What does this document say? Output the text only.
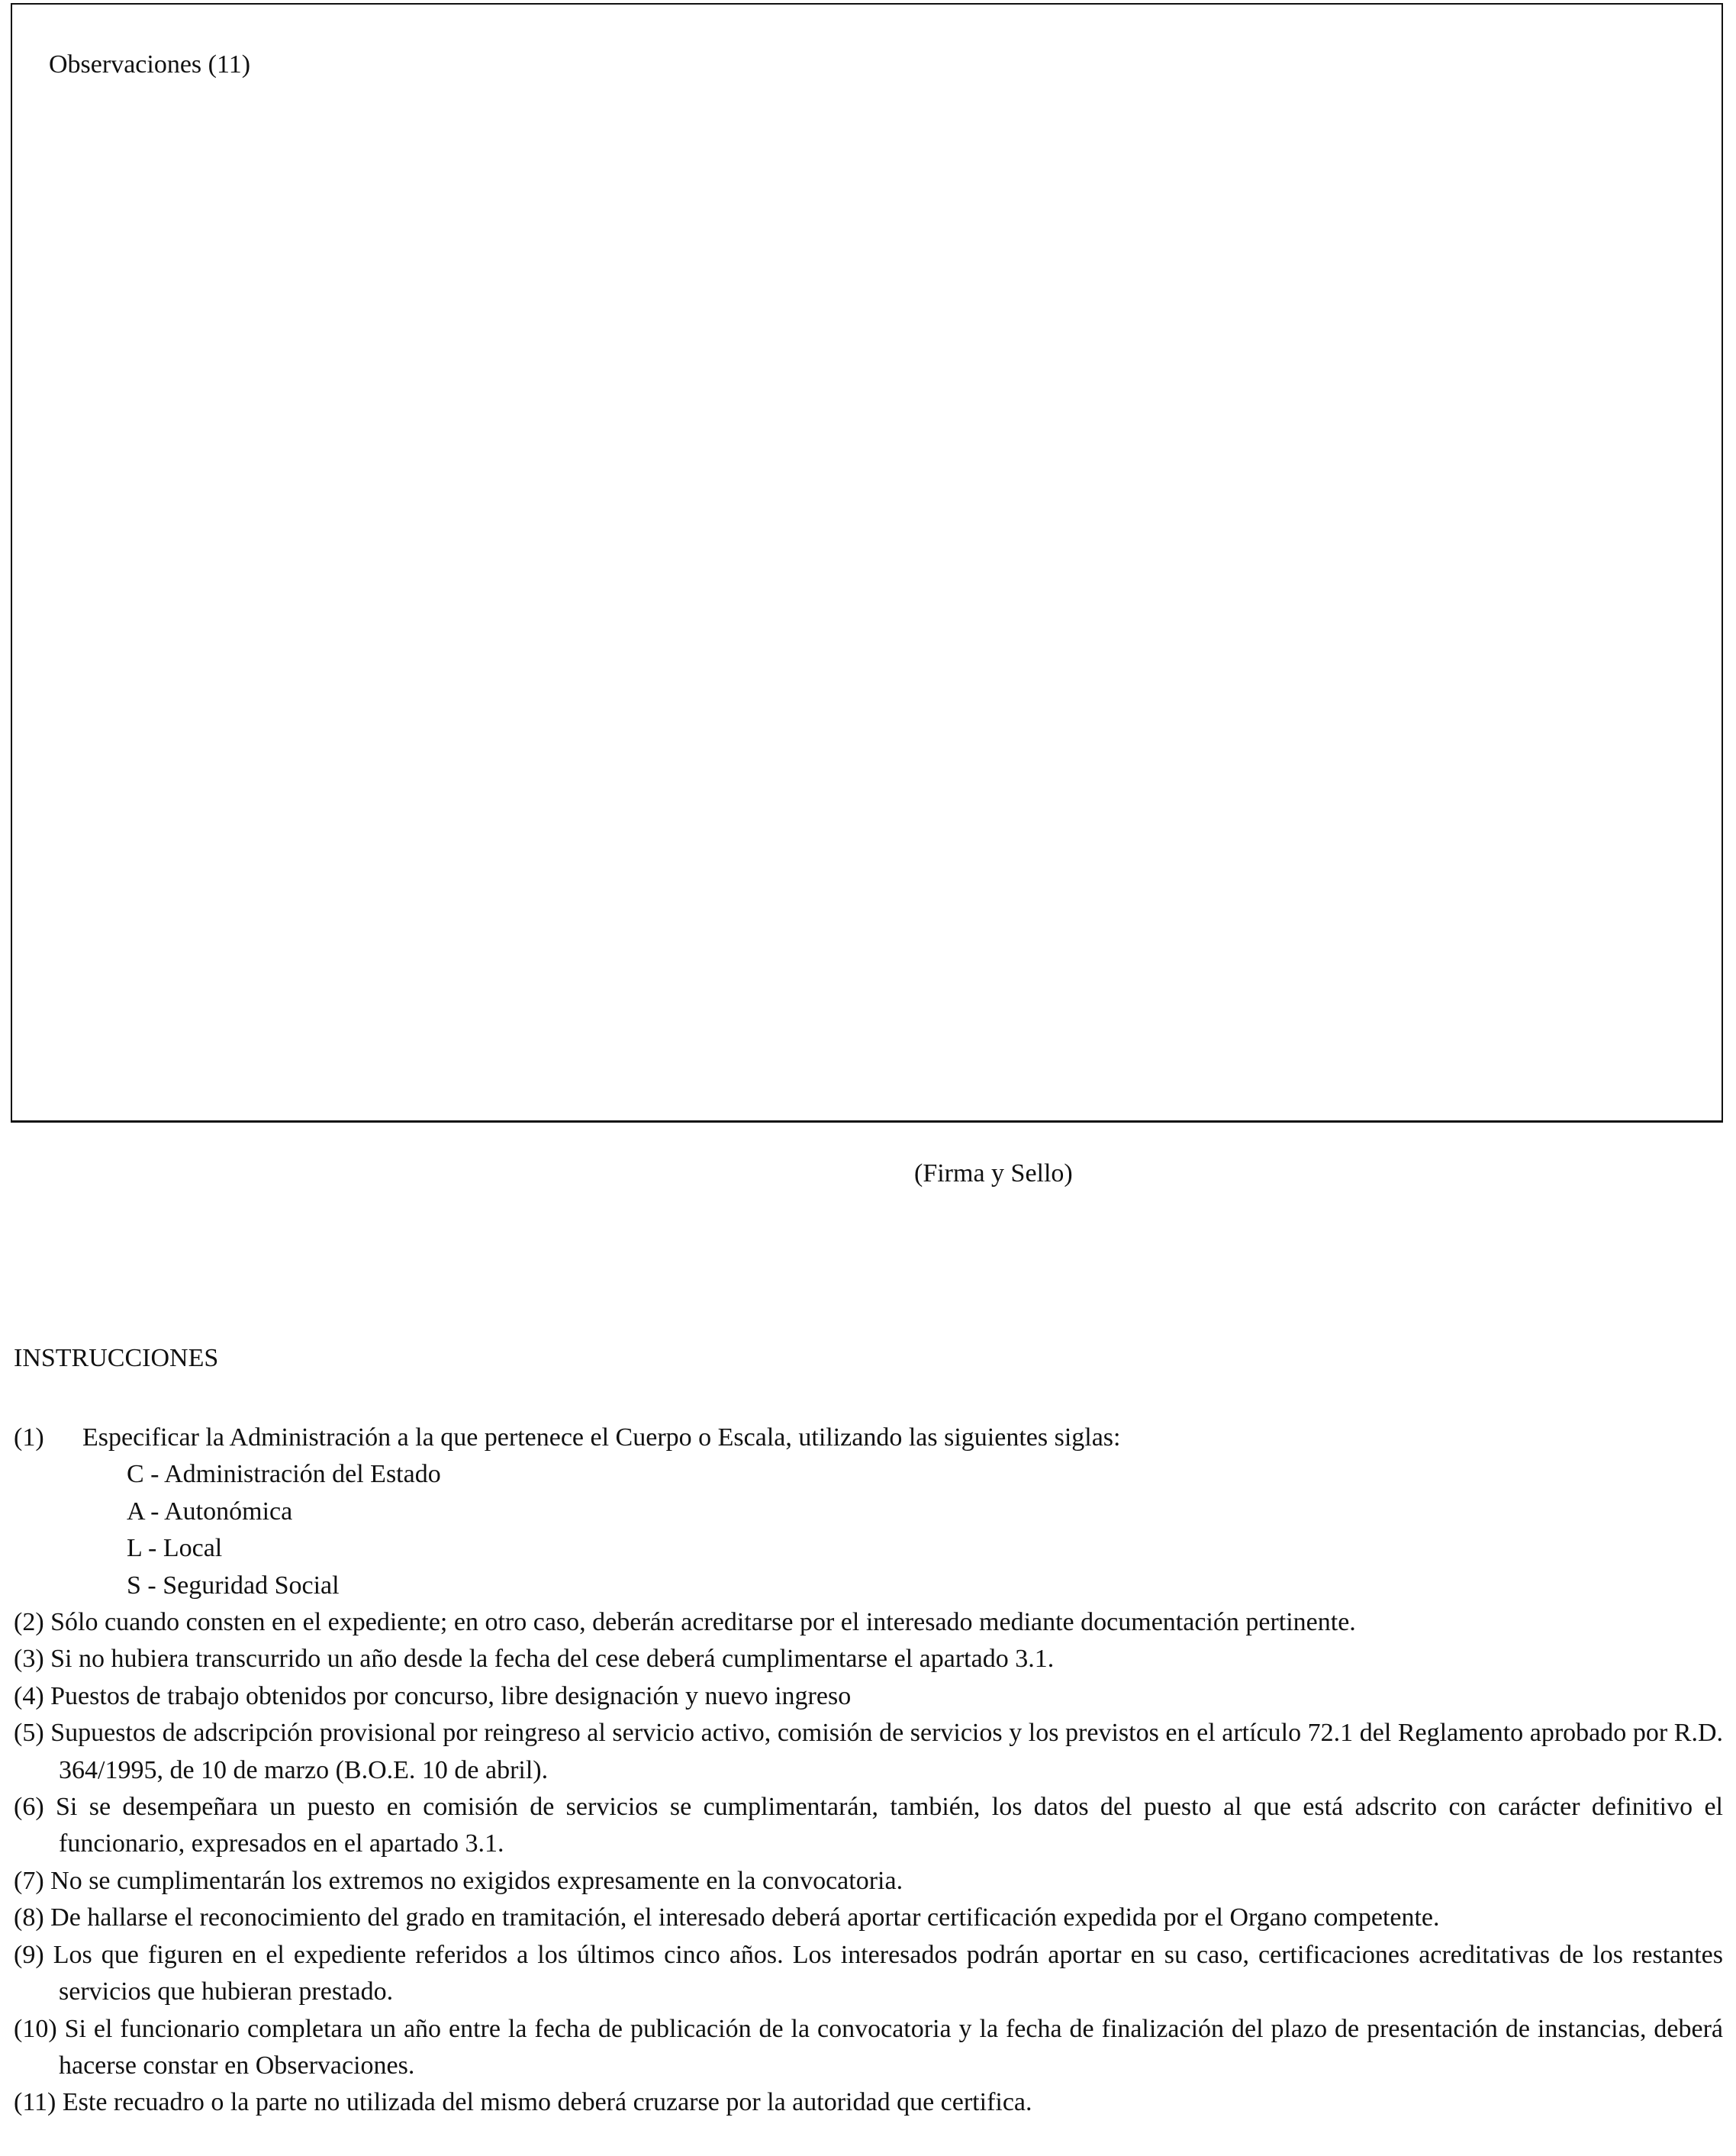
Observaciones (11)
(Firma y Sello)
INSTRUCCIONES
(1) Especificar la Administración a la que pertenece el Cuerpo o Escala, utilizando las siguientes siglas:
C - Administración del Estado
A - Autonómica
L - Local
S - Seguridad Social
(2) Sólo cuando consten en el expediente; en otro caso, deberán acreditarse por el interesado mediante documentación pertinente.
(3) Si no hubiera transcurrido un año desde la fecha del cese deberá cumplimentarse el apartado 3.1.
(4) Puestos de trabajo obtenidos por concurso, libre designación y nuevo ingreso
(5) Supuestos de adscripción provisional por reingreso al servicio activo, comisión de servicios y los previstos en el artículo 72.1 del Reglamento aprobado por R.D. 364/1995, de 10 de marzo (B.O.E. 10 de abril).
(6) Si se desempeñara un puesto en comisión de servicios se cumplimentarán, también, los datos del puesto al que está adscrito con carácter definitivo el funcionario, expresados en el apartado 3.1.
(7) No se cumplimentarán los extremos no exigidos expresamente en la convocatoria.
(8) De hallarse el reconocimiento del grado en tramitación, el interesado deberá aportar certificación expedida por el Organo competente.
(9) Los que figuren en el expediente referidos a los últimos cinco años. Los interesados podrán aportar en su caso, certificaciones acreditativas de los restantes servicios que hubieran prestado.
(10) Si el funcionario completara un año entre la fecha de publicación de la convocatoria y la fecha de finalización del plazo de presentación de instancias, deberá hacerse constar en Observaciones.
(11) Este recuadro o la parte no utilizada del mismo deberá cruzarse por la autoridad que certifica.
